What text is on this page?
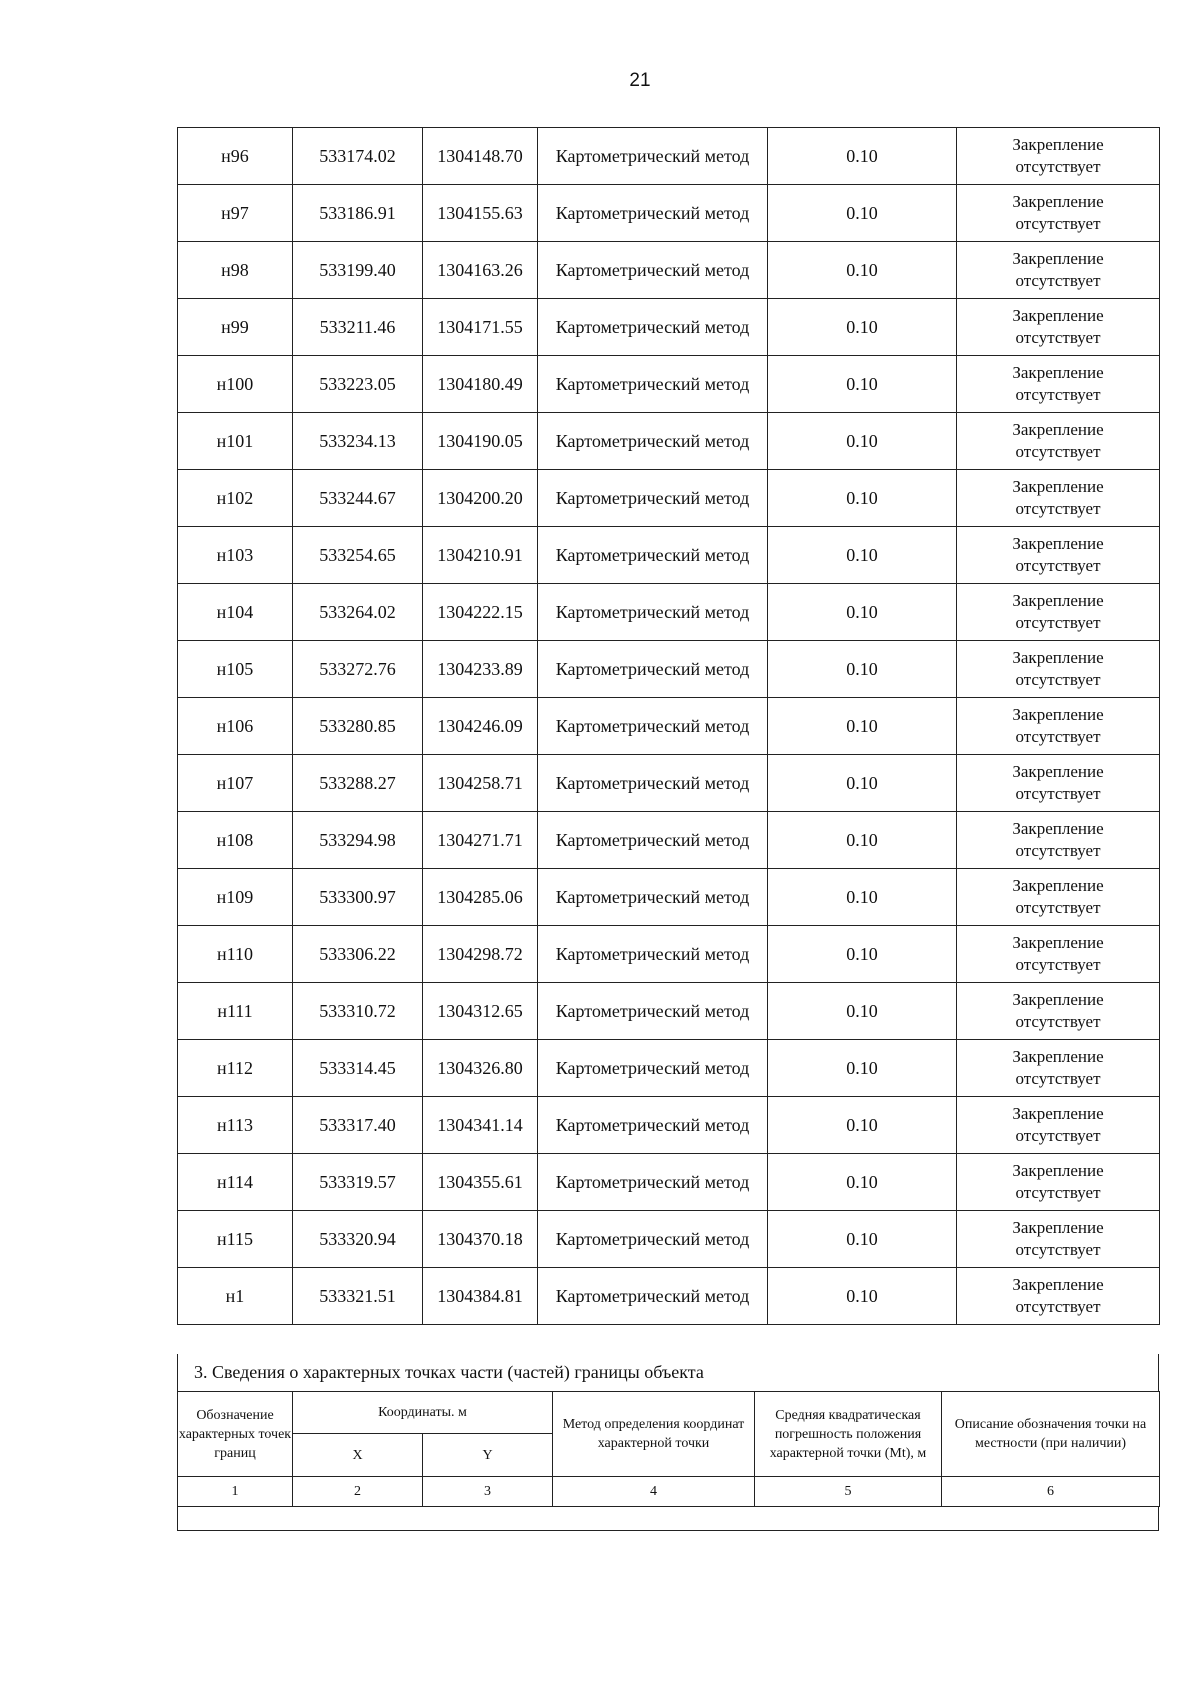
21
н96	533174.02	1304148.70	Картометрический метод	0.10	Закрепление
отсутствует

н97	533186.91	1304155.63	Картометрический метод	0.10	Закрепление
отсутствует

н98	533199.40	1304163.26	Картометрический метод	0.10	Закрепление
отсутствует

н99	533211.46	1304171.55	Картометрический метод	0.10	Закрепление
отсутствует

н100	533223.05	1304180.49	Картометрический метод	0.10	Закрепление
отсутствует

н101	533234.13	1304190.05	Картометрический метод	0.10	Закрепление
отсутствует

н102	533244.67	1304200.20	Картометрический метод	0.10	Закрепление
отсутствует

н103	533254.65	1304210.91	Картометрический метод	0.10	Закрепление
отсутствует

н104	533264.02	1304222.15	Картометрический метод	0.10	Закрепление
отсутствует

н105	533272.76	1304233.89	Картометрический метод	0.10	Закрепление
отсутствует

н106	533280.85	1304246.09	Картометрический метод	0.10	Закрепление
отсутствует

н107	533288.27	1304258.71	Картометрический метод	0.10	Закрепление
отсутствует

н108	533294.98	1304271.71	Картометрический метод	0.10	Закрепление
отсутствует

н109	533300.97	1304285.06	Картометрический метод	0.10	Закрепление
отсутствует

н110	533306.22	1304298.72	Картометрический метод	0.10	Закрепление
отсутствует

н111	533310.72	1304312.65	Картометрический метод	0.10	Закрепление
отсутствует

н112	533314.45	1304326.80	Картометрический метод	0.10	Закрепление
отсутствует

н113	533317.40	1304341.14	Картометрический метод	0.10	Закрепление
отсутствует

н114	533319.57	1304355.61	Картометрический метод	0.10	Закрепление
отсутствует

н115	533320.94	1304370.18	Картометрический метод	0.10	Закрепление
отсутствует

н1	533321.51	1304384.81	Картометрический метод	0.10	Закрепление
отсутствует
3. Сведения о характерных точках части (частей) границы объекта
Обозначение характерных точек границ	Координаты. м		Метод определения координат характерной точки	Средняя квадратическая погрешность положения характерной точки (Mt), м	Описание обозначения точки на местности (при наличии)
	X	Y			
1	2	3	4	5	6
